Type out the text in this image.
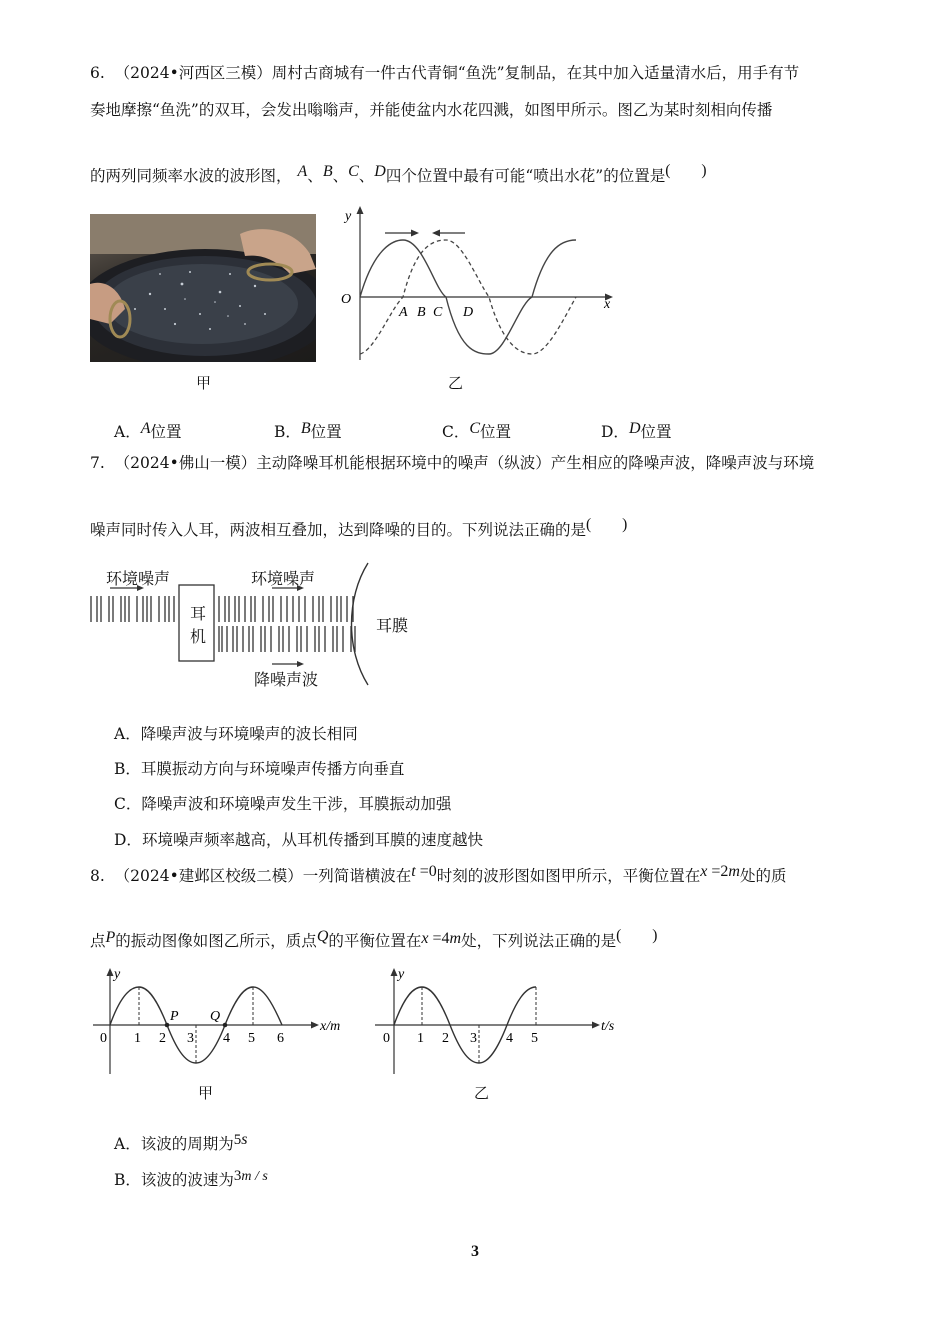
6. （2024•河西区三模）周村古商城有一件古代青铜“鱼洗”复制品，在其中加入适量清水后，用手有节
奏地摩擦“鱼洗”的双耳，会发出嗡嗡声，并能使盆内水花四溅，如图甲所示。图乙为某时刻相向传播
的两列同频率水波的波形图， A、B、C、D四个位置中最有可能“喷出水花”的位置是(        )
甲
y
x
O
A B C D
乙
A．A位置	B．B位置	C．C位置	D．D位置
7. （2024•佛山一模）主动降噪耳机能根据环境中的噪声（纵波）产生相应的降噪声波，降噪声波与环境
噪声同时传入人耳，两波相互叠加，达到降噪的目的。下列说法正确的是(        )
环境噪声	环境噪声
耳
机
耳膜
降噪声波
A．降噪声波与环境噪声的波长相同
B．耳膜振动方向与环境噪声传播方向垂直
C．降噪声波和环境噪声发生干涉，耳膜振动加强
D．环境噪声频率越高，从耳机传播到耳膜的速度越快
8. （2024•建邺区校级二模）一列简谐横波在t =0时刻的波形图如图甲所示，平衡位置在x =2m处的质
点P的振动图像如图乙所示，质点Q的平衡位置在x =4m处，下列说法正确的是(        )
y
x/m
P Q
0 1 2 3 4 5 6
甲
y
t/s
0 1 2 3 4 5
乙
A．该波的周期为5s
B．该波的波速为3m / s
3
